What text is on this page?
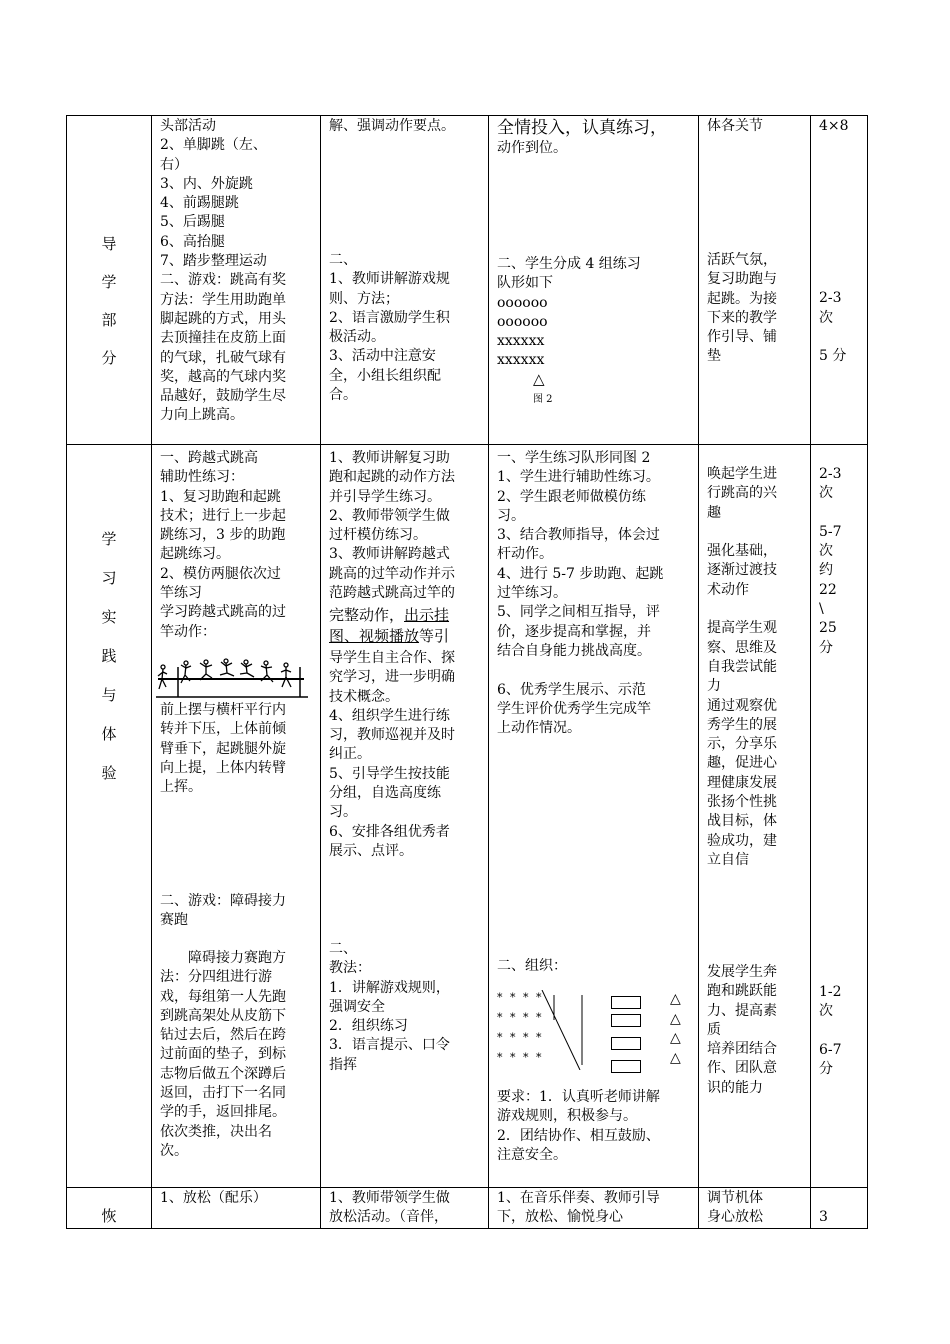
导
学
部
分
学
习
实
践
与
体
验
恢
头部活动
2、单脚跳（左、
右）
3、内、外旋跳
4、前踢腿跳
5、后踢腿
6、高抬腿
7、踏步整理运动
二、游戏：跳高有奖
方法：学生用助跑单
脚起跳的方式，用头
去顶撞挂在皮筋上面
的气球，扎破气球有
奖，越高的气球内奖
品越好，鼓励学生尽
力向上跳高。
解、强调动作要点。
二、
1、教师讲解游戏规
则、方法；
2、语言激励学生积
极活动。
3、活动中注意安
全，小组长组织配
合。
全情投入，认真练习，
动作到位。
二、学生分成 4 组练习
队形如下
oooooo
oooooo
xxxxxx
xxxxxx
△
图 2
体各关节
活跃气氛，
复习助跑与
起跳。为接
下来的教学
作引导、铺
垫
4×8
2-3
次
5 分
一、跨越式跳高
辅助性练习：
1、复习助跑和起跳
技术；进行上一步起
跳练习，3 步的助跑
起跳练习。
2、模仿两腿依次过
竿练习
学习跨越式跳高的过
竿动作：
前上摆与横杆平行内
转并下压，上体前倾
臂垂下，起跳腿外旋
向上提，上体内转臂
上挥。
二、游戏：障碍接力
赛跑
　　障碍接力赛跑方
法：分四组进行游
戏，每组第一人先跑
到跳高架处从皮筋下
钻过去后，然后在跨
过前面的垫子，到标
志物后做五个深蹲后
返回，击打下一名同
学的手，返回排尾。
依次类推，决出名
次。
1、教师讲解复习助
跑和起跳的动作方法
并引导学生练习。
2、教师带领学生做
过杆模仿练习。
3、教师讲解跨越式
跳高的过竿动作并示
范跨越式跳高过竿的
完整动作，出示挂
图、视频播放等引
导学生自主合作、探
究学习，进一步明确
技术概念。
4、组织学生进行练
习，教师巡视并及时
纠正。
5、引导学生按技能
分组，自选高度练
习。
6、安排各组优秀者
展示、点评。
二、
教法：
1．讲解游戏规则，
强调安全
2．组织练习
3．语言提示、口令
指挥
一、学生练习队形同图 2
1、学生进行辅助性练习。
2、学生跟老师做模仿练
习。
3、结合教师指导，体会过
杆动作。
4、进行 5-7 步助跑、起跳
过竿练习。
5、同学之间相互指导，评
价，逐步提高和掌握，并
结合自身能力挑战高度。

6、优秀学生展示、示范
学生评价优秀学生完成竿
上动作情况。
二、组织：
* * * *
* * * *
* * * *
* * * *
△
△
△
△
要求：1．认真听老师讲解
游戏规则，积极参与。
2．团结协作、相互鼓励、
注意安全。
唤起学生进
行跳高的兴
趣

强化基础，
逐渐过渡技
术动作

提高学生观
察、思维及
自我尝试能
力
通过观察优
秀学生的展
示，分享乐
趣，促进心
理健康发展
张扬个性挑
战目标，体
验成功，建
立自信
发展学生奔
跑和跳跃能
力、提高素
质
培养团结合
作、团队意
识的能力
2-3
次

5-7
次
约
22
\
25
分
1-2
次

6-7
分
1、放松（配乐）	1、教师带领学生做
放松活动。（音伴，
1、在音乐伴奏、教师引导
下，放松、愉悦身心
调节机体
身心放松	3
